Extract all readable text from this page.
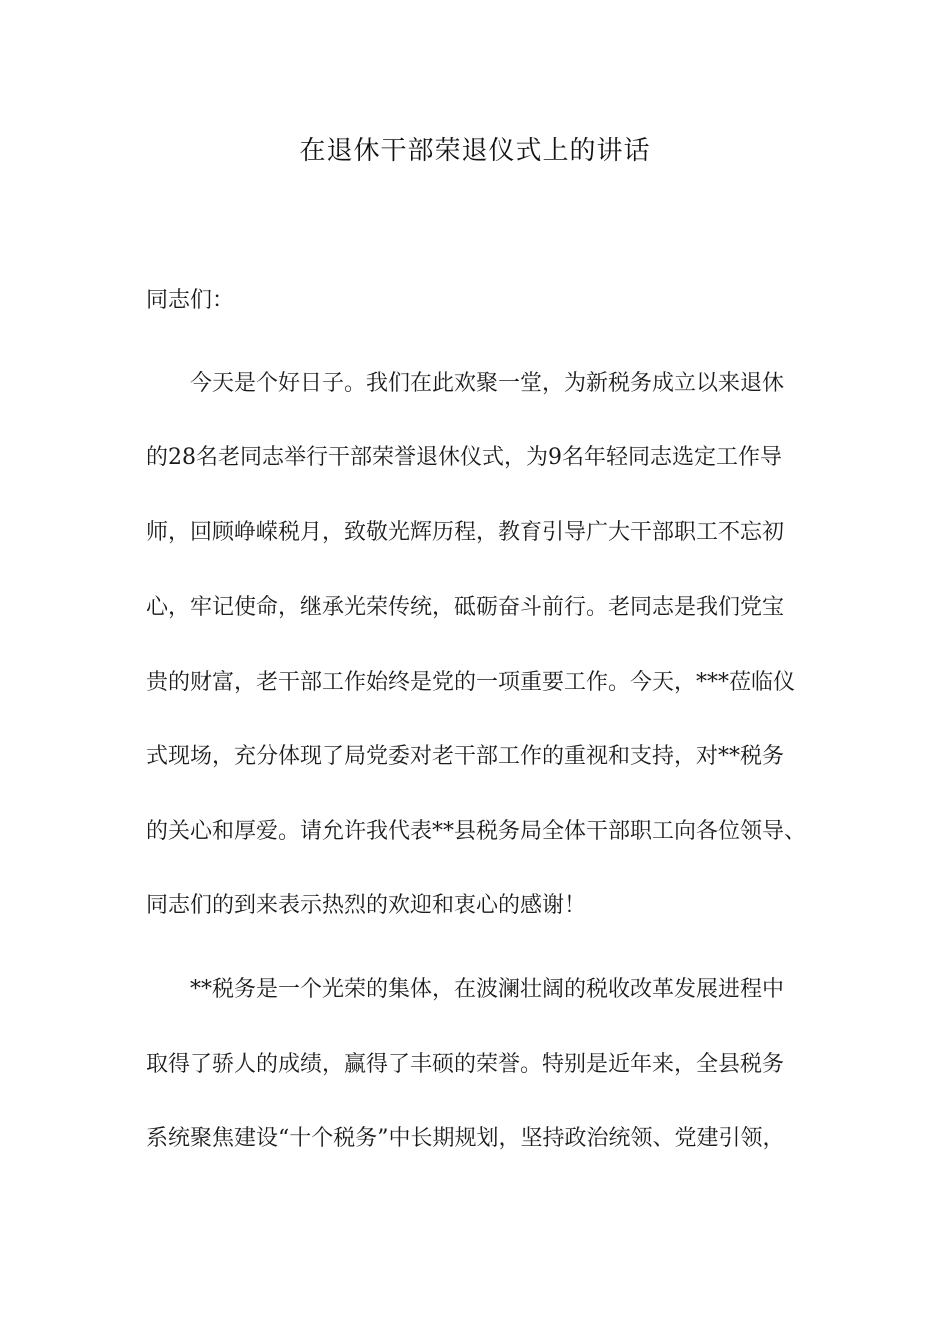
在退休干部荣退仪式上的讲话

同志们：

今天是个好日子。我们在此欢聚一堂，为新税务成立以来退休

的28名老同志举行干部荣誉退休仪式，为9名年轻同志选定工作导

师，回顾峥嵘税月，致敬光辉历程，教育引导广大干部职工不忘初

心，牢记使命，继承光荣传统，砥砺奋斗前行。老同志是我们党宝

贵的财富，老干部工作始终是党的一项重要工作。今天，***莅临仪

式现场，充分体现了局党委对老干部工作的重视和支持，对**税务

的关心和厚爱。请允许我代表**县税务局全体干部职工向各位领导、

同志们的到来表示热烈的欢迎和衷心的感谢！

**税务是一个光荣的集体，在波澜壮阔的税收改革发展进程中

取得了骄人的成绩，赢得了丰硕的荣誉。特别是近年来，全县税务

系统聚焦建设“十个税务”中长期规划，坚持政治统领、党建引领，
